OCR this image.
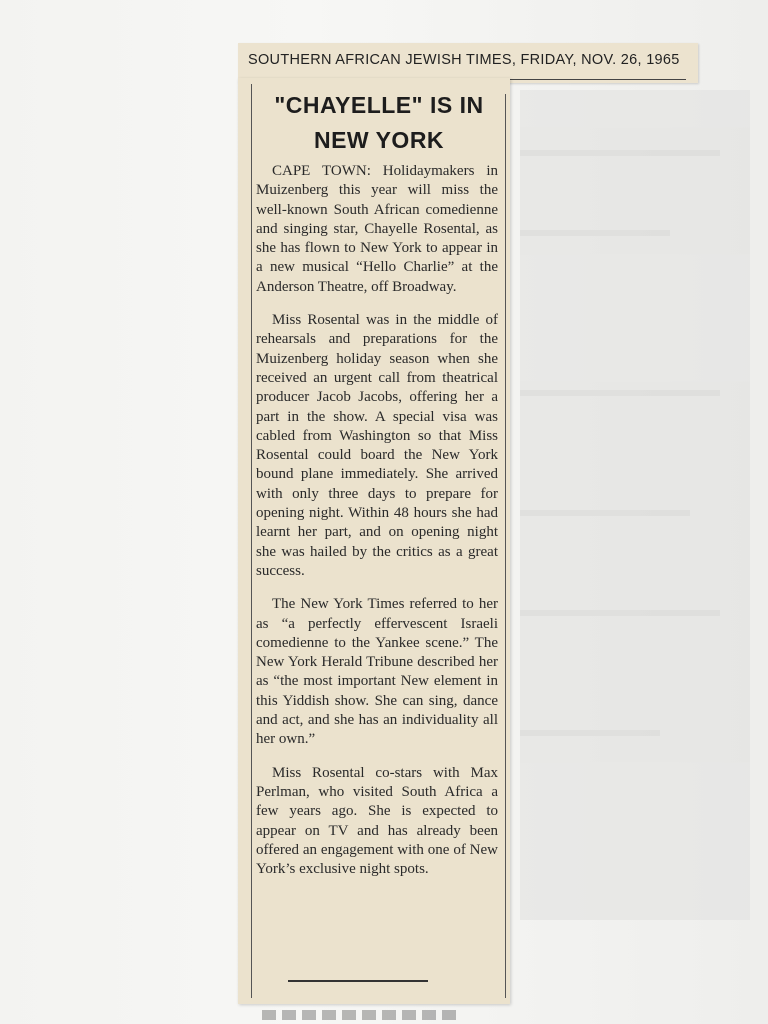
SOUTHERN AFRICAN JEWISH TIMES, FRIDAY, NOV. 26, 1965
"CHAYELLE" IS IN NEW YORK

CAPE TOWN: Holidaymakers in Muizenberg this year will miss the well-known South African comedienne and singing star, Chayelle Rosental, as she has flown to New York to appear in a new musical “Hello Charlie” at the Anderson Theatre, off Broadway.

Miss Rosental was in the middle of rehearsals and preparations for the Muizenberg holiday season when she received an urgent call from theatrical producer Jacob Jacobs, offering her a part in the show. A special visa was cabled from Washington so that Miss Rosental could board the New York bound plane immediately. She arrived with only three days to prepare for opening night. Within 48 hours she had learnt her part, and on opening night she was hailed by the critics as a great success.

The New York Times referred to her as “a perfectly effervescent Israeli comedienne to the Yankee scene.” The New York Herald Tribune described her as “the most important New element in this Yiddish show. She can sing, dance and act, and she has an individuality all her own.”

Miss Rosental co-stars with Max Perlman, who visited South Africa a few years ago. She is expected to appear on TV and has already been offered an engagement with one of New York’s exclusive night spots.
